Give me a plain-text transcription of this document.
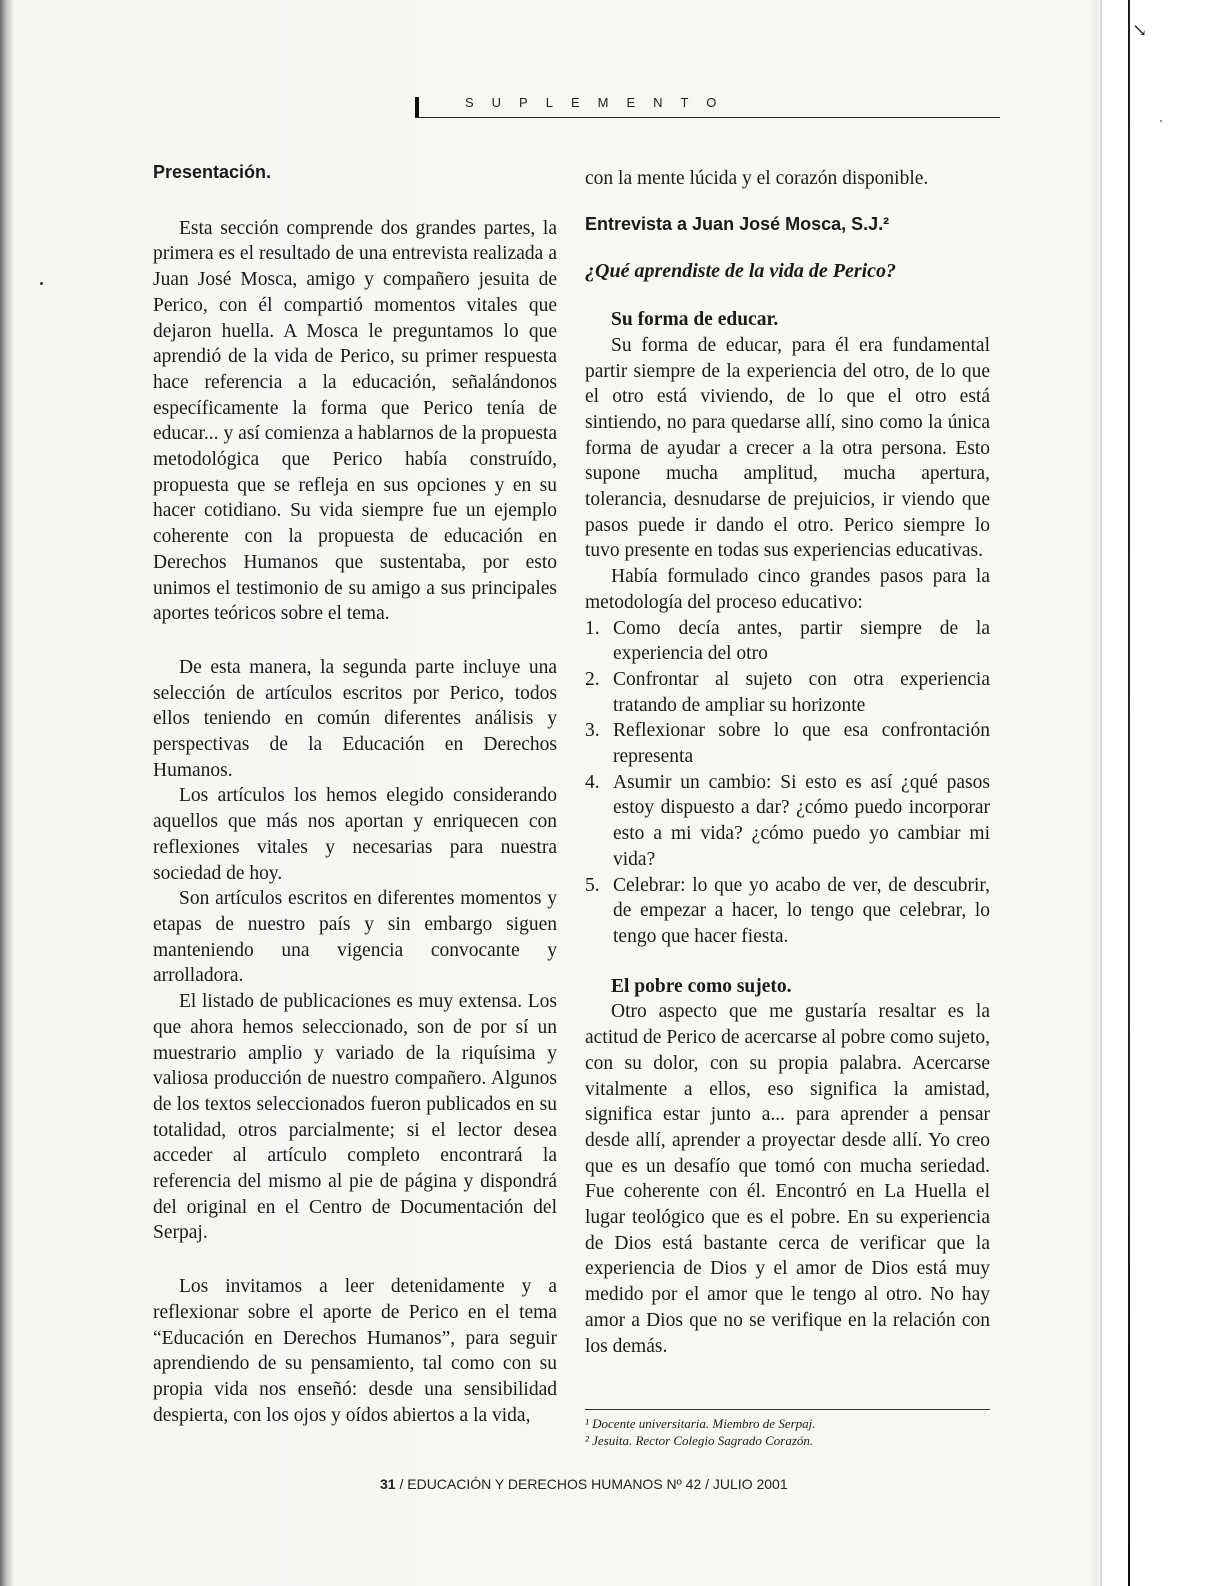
↘
SUPLEMENTO
Presentación.

Esta sección comprende dos grandes partes, la primera es el resultado de una entrevista realizada a Juan José Mosca, amigo y compañero jesuita de Perico, con él compartió momentos vitales que dejaron huella. A Mosca le preguntamos lo que aprendió de la vida de Perico, su primer respuesta hace referencia a la educación, señalándonos específicamente la forma que Perico tenía de educar... y así comienza a hablarnos de la propuesta metodológica que Perico había construído, propuesta que se refleja en sus opciones y en su hacer cotidiano. Su vida siempre fue un ejemplo coherente con la propuesta de educación en Derechos Humanos que sustentaba, por esto unimos el testimonio de su amigo a sus principales aportes teóricos sobre el tema.

De esta manera, la segunda parte incluye una selección de artículos escritos por Perico, todos ellos teniendo en común diferentes análisis y perspectivas de la Educación en Derechos Humanos.

Los artículos los hemos elegido considerando aquellos que más nos aportan y enriquecen con reflexiones vitales y necesarias para nuestra sociedad de hoy.

Son artículos escritos en diferentes momentos y etapas de nuestro país y sin embargo siguen manteniendo una vigencia convocante y arrolladora.

El listado de publicaciones es muy extensa. Los que ahora hemos seleccionado, son de por sí un muestrario amplio y variado de la riquísima y valiosa producción de nuestro compañero. Algunos de los textos seleccionados fueron publicados en su totalidad, otros parcialmente; si el lector desea acceder al artículo completo encontrará la referencia del mismo al pie de página y dispondrá del original en el Centro de Documentación del Serpaj.

Los invitamos a leer detenidamente y a reflexionar sobre el aporte de Perico en el tema “Educación en Derechos Humanos”, para seguir aprendiendo de su pensamiento, tal como con su propia vida nos enseñó: desde una sensibilidad despierta, con los ojos y oídos abiertos a la vida,

con la mente lúcida y el corazón disponible.

Entrevista a Juan José Mosca, S.J.²

¿Qué aprendiste de la vida de Perico?

Su forma de educar.

Su forma de educar, para él era fundamental partir siempre de la experiencia del otro, de lo que el otro está viviendo, de lo que el otro está sintiendo, no para quedarse allí, sino como la única forma de ayudar a crecer a la otra persona. Esto supone mucha amplitud, mucha apertura, tolerancia, desnudarse de prejuicios, ir viendo que pasos puede ir dando el otro. Perico siempre lo tuvo presente en todas sus experiencias educativas.

Había formulado cinco grandes pasos para la metodología del proceso educativo:

1. Como decía antes, partir siempre de la experiencia del otro
2. Confrontar al sujeto con otra experiencia tratando de ampliar su horizonte
3. Reflexionar sobre lo que esa confrontación representa
4. Asumir un cambio: Si esto es así ¿qué pasos estoy dispuesto a dar? ¿cómo puedo incorporar esto a mi vida? ¿cómo puedo yo cambiar mi vida?
5. Celebrar: lo que yo acabo de ver, de descubrir, de empezar a hacer, lo tengo que celebrar, lo tengo que hacer fiesta.

El pobre como sujeto.

Otro aspecto que me gustaría resaltar es la actitud de Perico de acercarse al pobre como sujeto, con su dolor, con su propia palabra. Acercarse vitalmente a ellos, eso significa la amistad, significa estar junto a... para aprender a pensar desde allí, aprender a proyectar desde allí. Yo creo que es un desafío que tomó con mucha seriedad. Fue coherente con él. Encontró en La Huella el lugar teológico que es el pobre. En su experiencia de Dios está bastante cerca de verificar que la experiencia de Dios y el amor de Dios está muy medido por el amor que le tengo al otro. No hay amor a Dios que no se verifique en la relación con los demás.

¹ Docente universitaria. Miembro de Serpaj.
² Jesuita. Rector Colegio Sagrado Corazón.
31 / EDUCACIÓN Y DERECHOS HUMANOS Nº 42 / JULIO 2001
